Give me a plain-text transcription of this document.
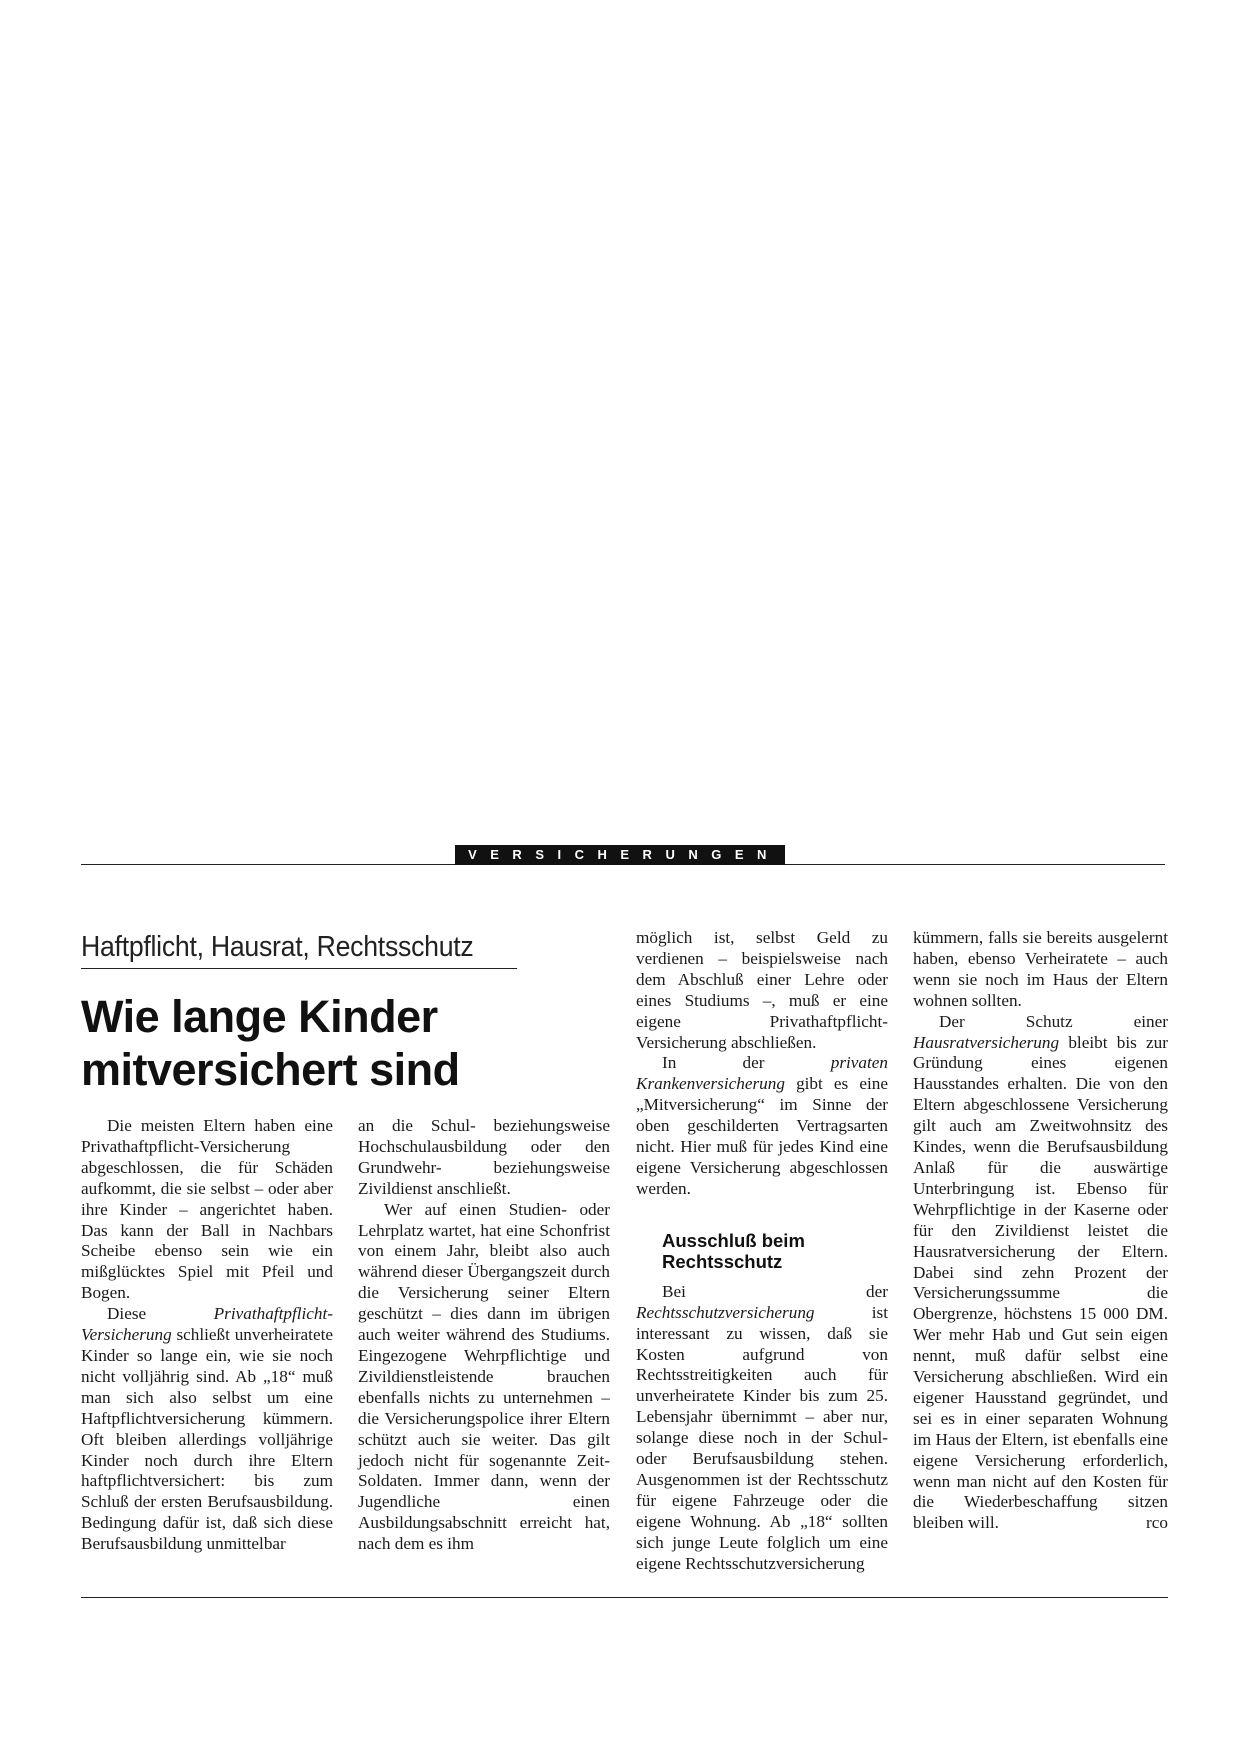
VERSICHERUNGEN
Haftpflicht, Hausrat, Rechtsschutz
Wie lange Kinder
mitversichert sind

Die meisten Eltern haben eine Privathaftpflicht-Versicherung abgeschlossen, die für Schäden aufkommt, die sie selbst – oder aber ihre Kinder – angerichtet haben. Das kann der Ball in Nachbars Scheibe ebenso sein wie ein mißglücktes Spiel mit Pfeil und Bogen.

Diese Privathaftpflicht-Versicherung schließt unverheiratete Kinder so lange ein, wie sie noch nicht volljährig sind. Ab „18“ muß man sich also selbst um eine Haftpflichtversicherung kümmern. Oft bleiben allerdings volljährige Kinder noch durch ihre Eltern haftpflichtversichert: bis zum Schluß der ersten Berufsausbildung. Bedingung dafür ist, daß sich diese Berufsausbildung unmittelbar

an die Schul- beziehungsweise Hochschulausbildung oder den Grundwehr- beziehungsweise Zivildienst anschließt.

Wer auf einen Studien- oder Lehrplatz wartet, hat eine Schonfrist von einem Jahr, bleibt also auch während dieser Übergangszeit durch die Versicherung seiner Eltern geschützt – dies dann im übrigen auch weiter während des Studiums. Eingezogene Wehrpflichtige und Zivildienstleistende brauchen ebenfalls nichts zu unternehmen – die Versicherungspolice ihrer Eltern schützt auch sie weiter. Das gilt jedoch nicht für sogenannte Zeit-Soldaten. Immer dann, wenn der Jugendliche einen Ausbildungsabschnitt erreicht hat, nach dem es ihm

möglich ist, selbst Geld zu verdienen – beispielsweise nach dem Abschluß einer Lehre oder eines Studiums –, muß er eine eigene Privathaftpflicht-Versicherung abschließen.

In der privaten Krankenversicherung gibt es eine „Mitversicherung“ im Sinne der oben geschilderten Vertragsarten nicht. Hier muß für jedes Kind eine eigene Versicherung abgeschlossen werden.

Ausschluß beim Rechtsschutz

Bei der Rechtsschutzversicherung ist interessant zu wissen, daß sie Kosten aufgrund von Rechtsstreitigkeiten auch für unverheiratete Kinder bis zum 25. Lebensjahr übernimmt – aber nur, solange diese noch in der Schul- oder Berufsausbildung stehen. Ausgenommen ist der Rechtsschutz für eigene Fahrzeuge oder die eigene Wohnung. Ab „18“ sollten sich junge Leute folglich um eine eigene Rechtsschutzversicherung

kümmern, falls sie bereits ausgelernt haben, ebenso Verheiratete – auch wenn sie noch im Haus der Eltern wohnen sollten.

Der Schutz einer Hausratversicherung bleibt bis zur Gründung eines eigenen Hausstandes erhalten. Die von den Eltern abgeschlossene Versicherung gilt auch am Zweitwohnsitz des Kindes, wenn die Berufsausbildung Anlaß für die auswärtige Unterbringung ist. Ebenso für Wehrpflichtige in der Kaserne oder für den Zivildienst leistet die Hausratversicherung der Eltern. Dabei sind zehn Prozent der Versicherungssumme die Obergrenze, höchstens 15 000 DM. Wer mehr Hab und Gut sein eigen nennt, muß dafür selbst eine Versicherung abschließen. Wird ein eigener Hausstand gegründet, und sei es in einer separaten Wohnung im Haus der Eltern, ist ebenfalls eine eigene Versicherung erforderlich, wenn man nicht auf den Kosten für die Wiederbeschaffung sitzen bleiben will.	rco
